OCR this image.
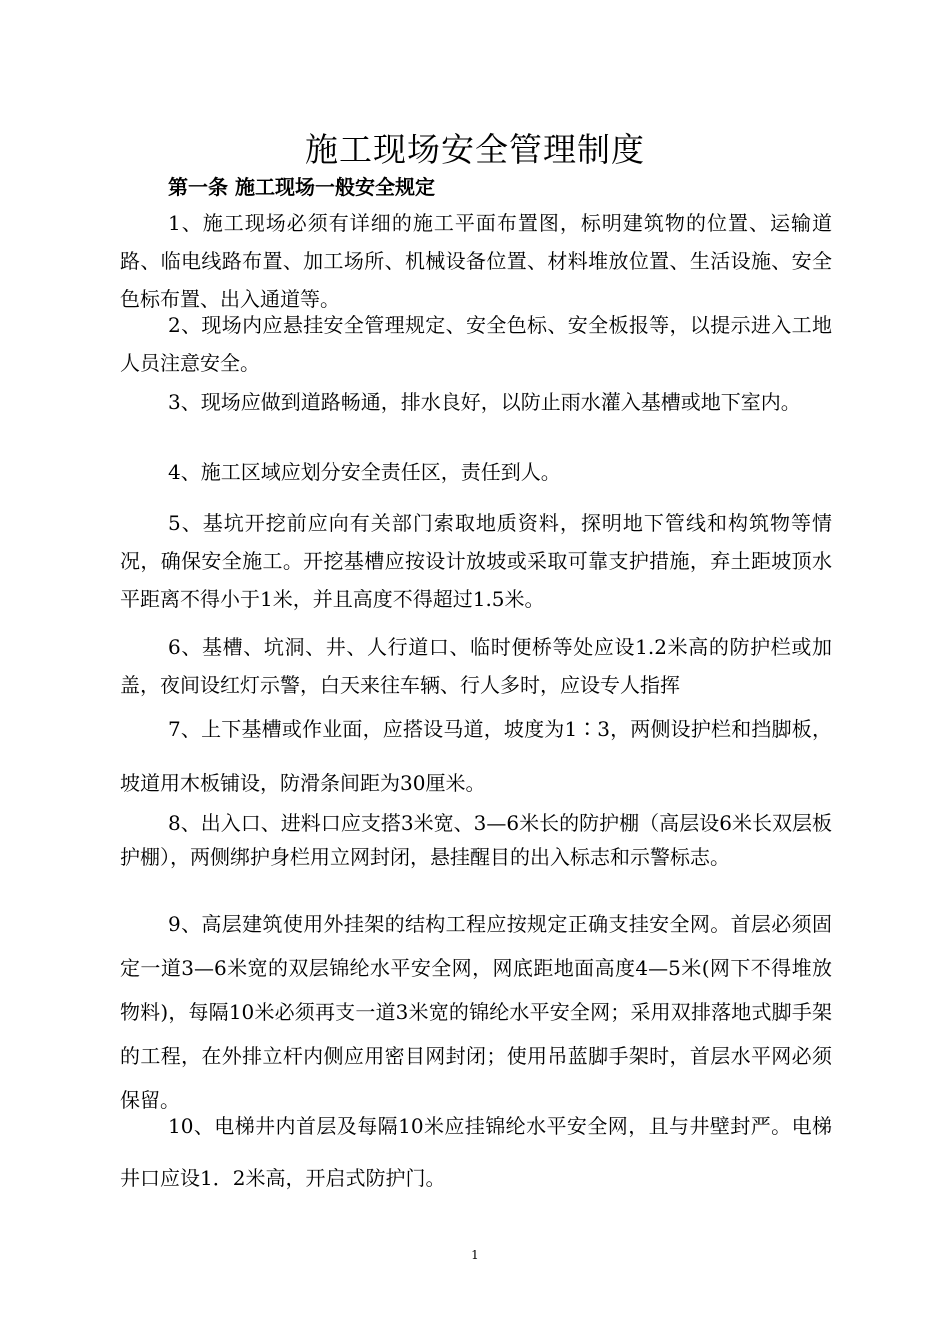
施工现场安全管理制度
第一条 施工现场一般安全规定

1、施工现场必须有详细的施工平面布置图，标明建筑物的位置、运输道路、临电线路布置、加工场所、机械设备位置、材料堆放位置、生活设施、安全色标布置、出入通道等。

2、现场内应悬挂安全管理规定、安全色标、安全板报等，以提示进入工地人员注意安全。

3、现场应做到道路畅通，排水良好，以防止雨水灌入基槽或地下室内。

4、施工区域应划分安全责任区，责任到人。

5、基坑开挖前应向有关部门索取地质资料，探明地下管线和构筑物等情况，确保安全施工。开挖基槽应按设计放坡或采取可靠支护措施，弃土距坡顶水平距离不得小于1米，并且高度不得超过1.5米。

6、基槽、坑洞、井、人行道口、临时便桥等处应设1.2米高的防护栏或加盖，夜间设红灯示警，白天来往车辆、行人多时，应设专人指挥

7、上下基槽或作业面，应搭设马道，坡度为1∶3，两侧设护栏和挡脚板，坡道用木板铺设，防滑条间距为30厘米。

8、出入口、进料口应支搭3米宽、3—6米长的防护棚（高层设6米长双层板护棚），两侧绑护身栏用立网封闭，悬挂醒目的出入标志和示警标志。

9、高层建筑使用外挂架的结构工程应按规定正确支挂安全网。首层必须固定一道3—6米宽的双层锦纶水平安全网，网底距地面高度4—5米(网下不得堆放物料)，每隔10米必须再支一道3米宽的锦纶水平安全网；采用双排落地式脚手架的工程，在外排立杆内侧应用密目网封闭；使用吊蓝脚手架时，首层水平网必须保留。

10、电梯井内首层及每隔10米应挂锦纶水平安全网，且与井壁封严。电梯井口应设1．2米高，开启式防护门。

1
